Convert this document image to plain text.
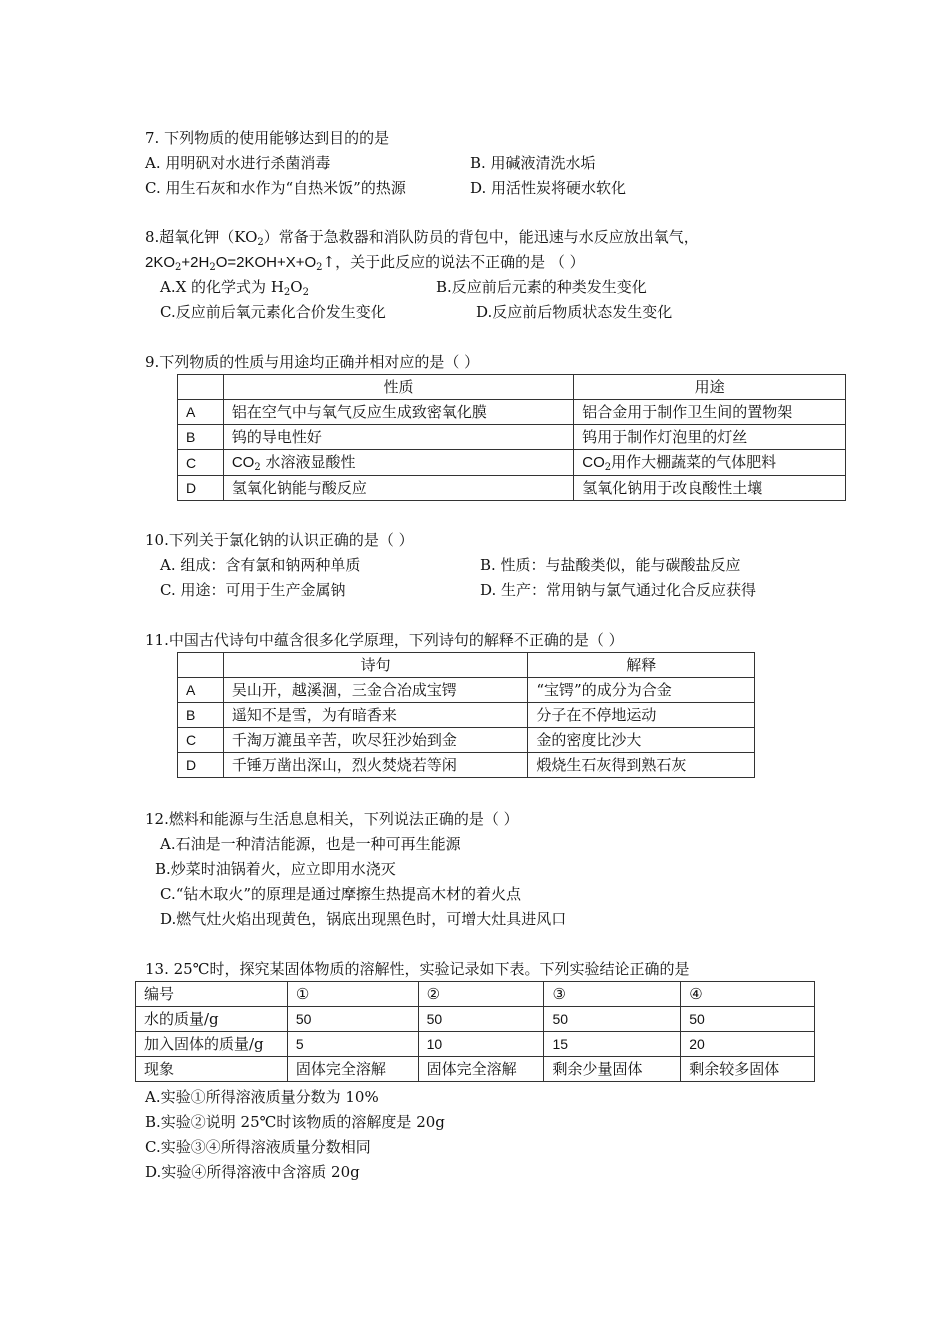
7. 下列物质的使用能够达到目的的是
A. 用明矾对水进行杀菌消毒	B. 用碱液清洗水垢
C. 用生石灰和水作为“自热米饭”的热源	D. 用活性炭将硬水软化
8.超氧化钾$(KO_2)$常备于急救器和消队防员的背包中，能迅速与水反应放出氧气，
$2KO_2+2H_2O=2KOH+X+O_2↑$，关于此反应的说法不正确的是 （ ）
A.X 的化学式为 $H_2O_2$	B.反应前后元素的种类发生变化
C.反应前后氧元素化合价发生变化	D.反应前后物质状态发生变化
9.下列物质的性质与用途均正确并相对应的是（ ）
	性质	用途
A	铝在空气中与氧气反应生成致密氧化膜	铝合金用于制作卫生间的置物架
B	钨的导电性好	钨用于制作灯泡里的灯丝
C	$CO_2$ 水溶液显酸性	$CO_2$用作大棚蔬菜的气体肥料
D	氢氧化钠能与酸反应	氢氧化钠用于改良酸性土壤
10.下列关于氯化钠的认识正确的是（ ）
A. 组成：含有氯和钠两种单质	B. 性质：与盐酸类似，能与碳酸盐反应
C. 用途：可用于生产金属钠	D. 生产：常用钠与氯气通过化合反应获得
11.中国古代诗句中蕴含很多化学原理，下列诗句的解释不正确的是（ ）
	诗句	解释
A	吴山开，越溪涸，三金合冶成宝锷	“宝锷”的成分为合金
B	遥知不是雪，为有暗香来	分子在不停地运动
C	千淘万漉虽辛苦，吹尽狂沙始到金	金的密度比沙大
D	千锤万凿出深山，烈火焚烧若等闲	煅烧生石灰得到熟石灰
12.燃料和能源与生活息息相关，下列说法正确的是（ ）
A.石油是一种清洁能源，也是一种可再生能源
B.炒菜时油锅着火，应立即用水浇灭
C.“钻木取火”的原理是通过摩擦生热提高木材的着火点
D.燃气灶火焰出现黄色，锅底出现黑色时，可增大灶具进风口
13. 25℃时，探究某固体物质的溶解性，实验记录如下表。下列实验结论正确的是
编号	①	②	③	④
水的质量/g	50	50	50	50
加入固体的质量/g	5	10	15	20
现象	固体完全溶解	固体完全溶解	剩余少量固体	剩余较多固体
A.实验①所得溶液质量分数为 10%
B.实验②说明 25℃时该物质的溶解度是 20g
C.实验③④所得溶液质量分数相同
D.实验④所得溶液中含溶质 20g
